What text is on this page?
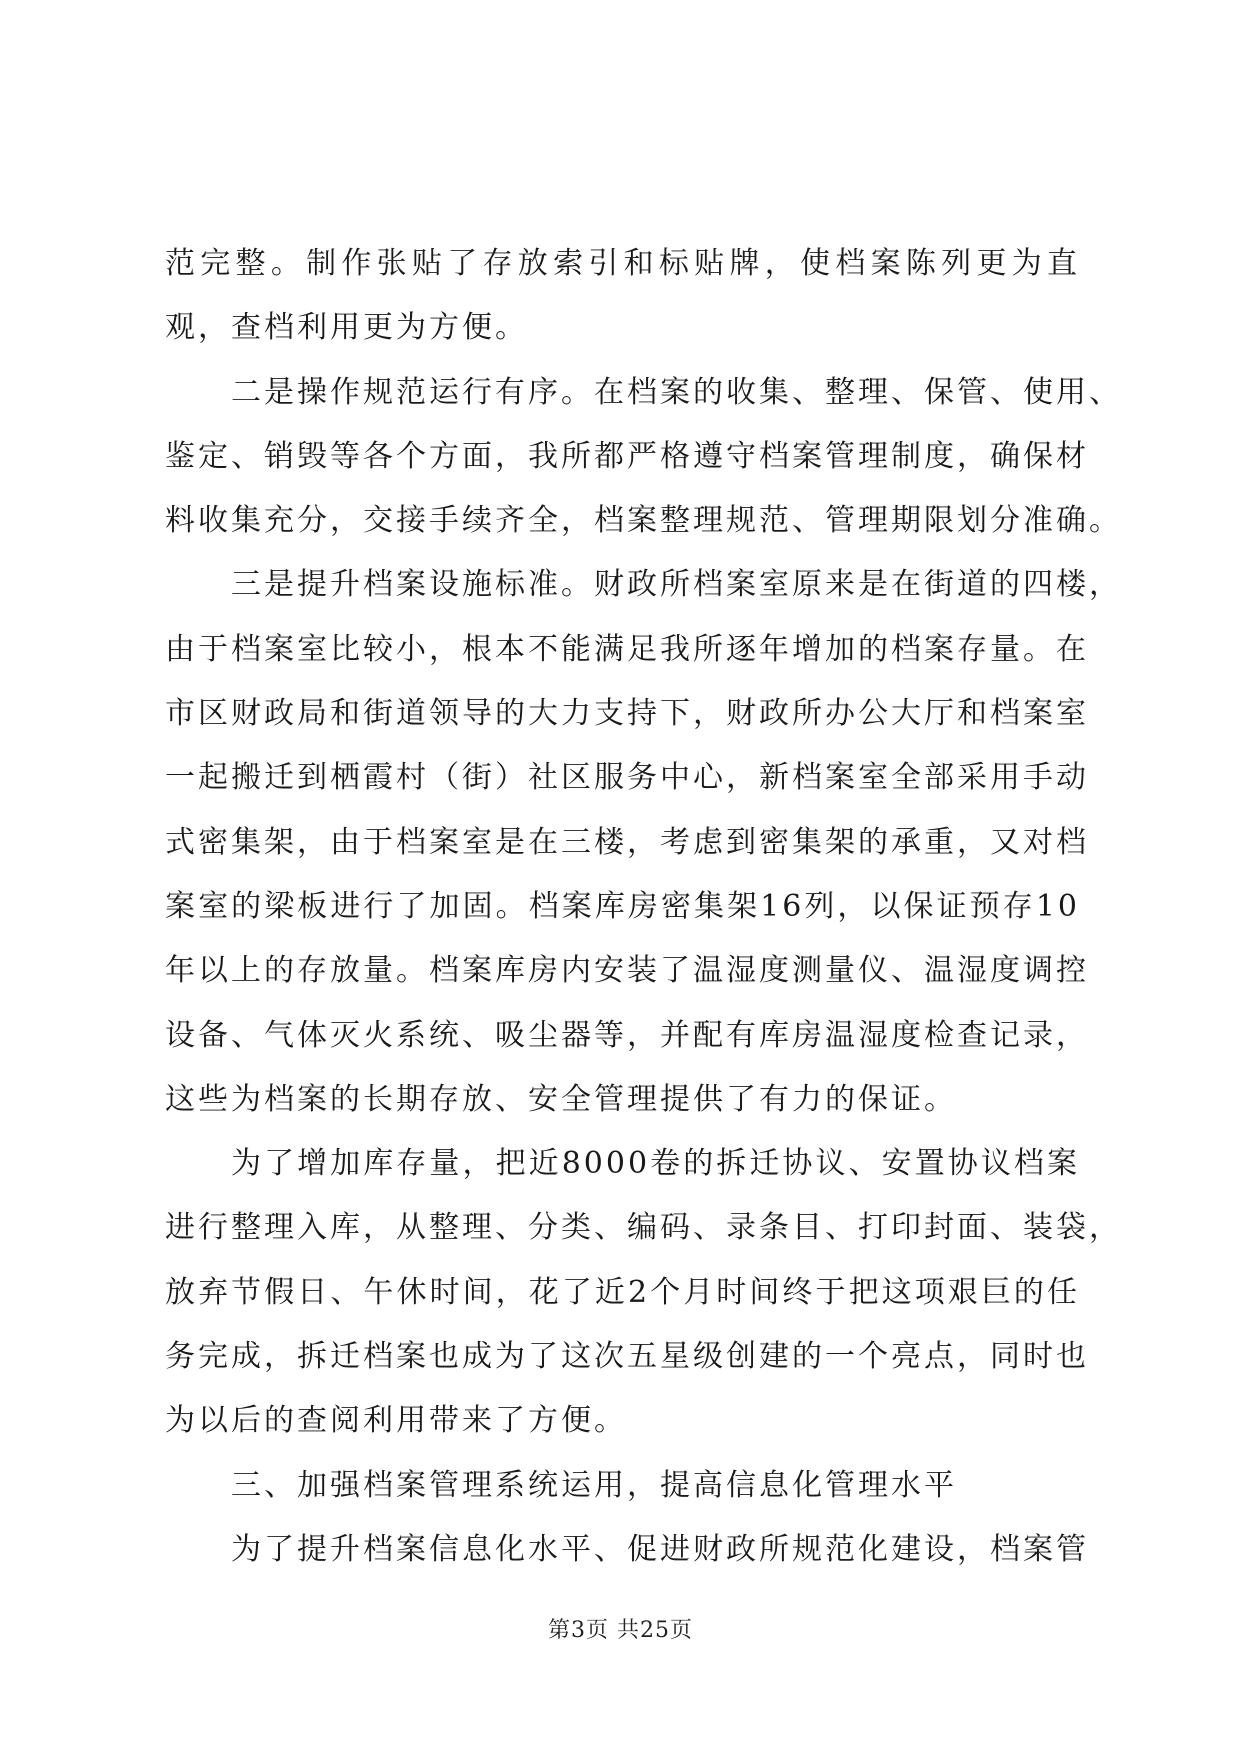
范完整。制作张贴了存放索引和标贴牌，使档案陈列更为直
观，查档利用更为方便。
二是操作规范运行有序。在档案的收集、整理、保管、使用、
鉴定、销毁等各个方面，我所都严格遵守档案管理制度，确保材
料收集充分，交接手续齐全，档案整理规范、管理期限划分准确。
三是提升档案设施标准。财政所档案室原来是在街道的四楼，
由于档案室比较小，根本不能满足我所逐年增加的档案存量。在
市区财政局和街道领导的大力支持下，财政所办公大厅和档案室
一起搬迁到栖霞村（街）社区服务中心，新档案室全部采用手动
式密集架，由于档案室是在三楼，考虑到密集架的承重，又对档
案室的梁板进行了加固。档案库房密集架16列，以保证预存10
年以上的存放量。档案库房内安装了温湿度测量仪、温湿度调控
设备、气体灭火系统、吸尘器等，并配有库房温湿度检查记录，
这些为档案的长期存放、安全管理提供了有力的保证。
为了增加库存量，把近8000卷的拆迁协议、安置协议档案
进行整理入库，从整理、分类、编码、录条目、打印封面、装袋，
放弃节假日、午休时间，花了近2个月时间终于把这项艰巨的任
务完成，拆迁档案也成为了这次五星级创建的一个亮点，同时也
为以后的查阅利用带来了方便。
三、加强档案管理系统运用，提高信息化管理水平
为了提升档案信息化水平、促进财政所规范化建设，档案管
第3页 共25页
